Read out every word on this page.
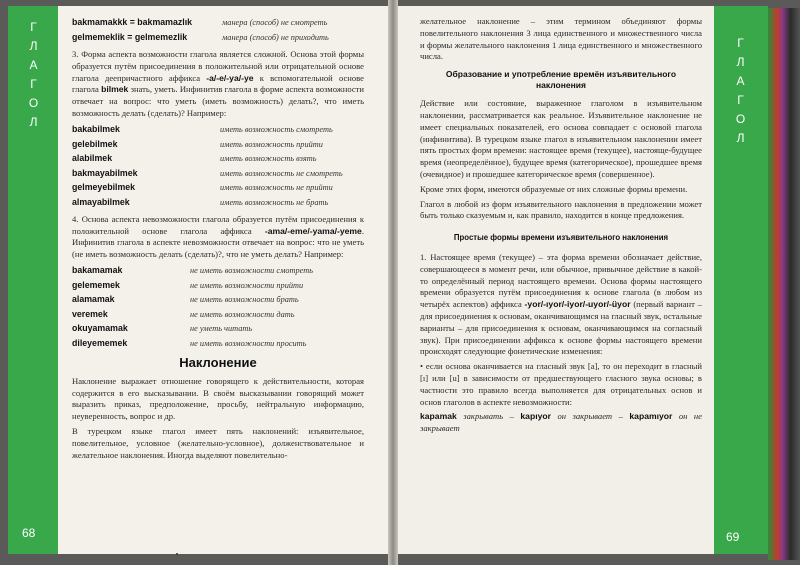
Г
Л
А
Г
О
Л
Г
Л
А
Г
О
Л
68	69
bakmamakkk = bakmamazlık	манера (способ) не смотреть
gelmemeklik = gelmemezlik	манера (способ) не приходить

3. Форма аспекта возможности глагола является сложной. Основа этой формы образуется путём присоединения в положительной или отрицательной основе глагола деепричастного аффикса -a/-e/-ya/-ye к вспомогательной основе глагола bilmek знать, уметь. Инфинитив глагола в форме аспекта возможности отвечает на вопрос: что уметь (иметь возможность) делать?, что иметь возможность делать (сделать)? Например:

bakabilmek	иметь возможность смотреть
gelebilmek	иметь возможность прийти
alabilmek	иметь возможность взять
bakmayabilmek	иметь возможность не смотреть
gelmeyebilmek	иметь возможность не прийти
almayabilmek	иметь возможность не брать

4. Основа аспекта невозможности глагола образуется путём присоединения к положительной основе глагола аффикса -ama/-eme/-yama/-yeme. Инфинитив глагола в аспекте невозможности отвечает на вопрос: что не уметь (не иметь возможность делать (сделать)?, что не уметь делать? Например:

bakamamak	не иметь возможности смотреть
gelememek	не иметь возможности прийти
alamamak	не иметь возможности брать
veremek	не иметь возможности дать
okuyamamak	не уметь читать
dileyememek	не иметь возможности просить
Наклонение

Наклонение выражает отношение говорящего к действительности, которая содержится в его высказывании. В своём высказывании говорящий может выразить приказ, предположение, просьбу, нейтральную информацию, неуверенность, вопрос и др.

В турецком языке глагол имеет пять наклонений: изъявительное, повелительное, условное (желательно-условное), долженствовательное и желательное наклонения. Иногда выделяют повелительно-

желательное наклонение – этим термином объединяют формы повелительного наклонения 3 лица единственного и множественного числа и формы желательного наклонения 1 лица единственного и множественного числа.

Образование и употребление времён изъявительного наклонения

Действие или состояние, выраженное глаголом в изъявительном наклонении, рассматривается как реальное. Изъявительное наклонение не имеет специальных показателей, его основа совпадает с основой глагола (инфинитива). В турецком языке глагол в изъявительном наклонении имеет пять простых форм времени: настоящее время (текущее), настояще-будущее время (неопределённое), будущее время (категорическое), прошедшее время (очевидное) и прошедшее категорическое время (совершенное).

Кроме этих форм, имеются образуемые от них сложные формы времени.

Глагол в любой из форм изъявительного наклонения в предложении может быть только сказуемым и, как правило, находится в конце предложения.

Простые формы времени изъявительного наклонения

1. Настоящее время (текущее) – эта форма времени обозначает действие, совершающееся в момент речи, или обычное, привычное действие в какой-то определённый период настоящего времени. Основа формы настоящего времени образуется путём присоединения к основе глагола (в любом из четырёх аспектов) аффикса -yor/-ıyor/-iyor/-uyor/-üyor (первый вариант – для присоединения к основам, оканчивающимся на гласный звук, остальные варианты – для присоединения к основам, оканчивающимся на согласный звук). При присоединении аффикса к основе формы настоящего времени происходят следующие фонетические изменения:

• если основа оканчивается на гласный звук [a], то он переходит в гласный [ı] или [u] в зависимости от предшествующего гласного звука основы; в частности это правило всегда выполняется для отрицательных основ и основ глаголов в аспекте невозможности:

kapamak закрывать – kapıyor он закрывает – kapamıyor он не закрывает
